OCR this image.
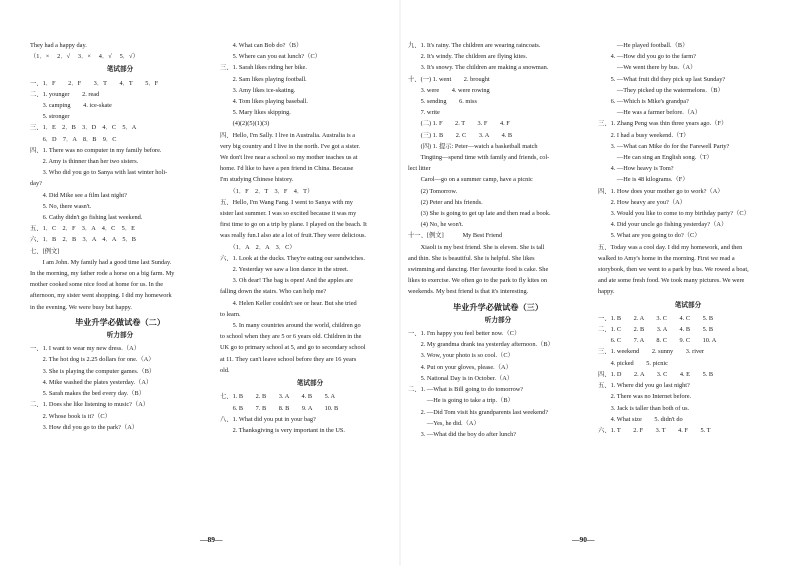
They had a happy day.
（1．×　 2．√　 3．×　 4．√　 5．√）
笔试部分
一、1．F　　2．F　　3．T　　4．T　　5．F
二、1. younger　　2. read
　　3. camping　　4. ice-skate
　　5. stronger
三、1．E　2．B　3．D　4．C　5．A
　　6．D　7．A　8．B　9．C
四、1. There was no computer in my family before.
　　2. Amy is thinner than her two sisters.
　　3. Who did you go to Sanya with last winter holi-
day?
　　4. Did Mike see a film last night?
　　5. No, there wasn't.
　　6. Cathy didn't go fishing last weekend.
五、1．C　2．F　3．A　4．C　5．E
六、1．B　2．B　3．A　4．A　5．B
七、[例文]
　　I am John. My family had a good time last Sunday.
In the morning, my father rode a horse on a big farm. My
mother cooked some nice food at home for us. In the
afternoon, my sister went shopping. I did my homework
in the evening. We were busy but happy.
毕业升学必做试卷（二）
听力部分
一、1. I want to wear my new dress.（A）
　　2. The hot dog is 2.25 dollars for one.（A）
　　3. She is playing the computer games.（B）
　　4. Mike washed the plates yesterday.（A）
　　5. Sarah makes the bed every day.（B）
二、1. Does she like listening to music?（A）
　　2. Whose book is it?（C）
　　3. How did you go to the park?（A）
　　4. What can Bob do?（B）
　　5. Where can you eat lunch?（C）
三、1. Sarah likes riding her bike.
　　2. Sam likes playing football.
　　3. Amy likes ice-skating.
　　4. Tom likes playing baseball.
　　5. Mary likes skipping.
　　(4)(2)(5)(1)(3)
四、Hello, I'm Sally. I live in Australia. Australia is a
very big country and I live in the north. I've got a sister.
We don't live near a school so my mother teaches us at
home. I'd like to have a pen friend in China. Because
I'm studying Chinese history.
　　（1．F　2．T　3．F　4．T）
五、Hello, I'm Wang Fang. I went to Sanya with my
sister last summer. I was so excited because it was my
first time to go on a trip by plane. I played on the beach. It
was really fun.I also ate a lot of fruit.They were delicious.
　　（1．A　2．A　3．C）
六、1. Look at the ducks. They're eating our sandwiches.
　　2. Yesterday we saw a lion dance in the street.
　　3. Oh dear! The bag is open! And the apples are
falling down the stairs. Who can help me?
　　4. Helen Keller couldn't see or hear. But she tried
to learn.
　　5. In many countries around the world, children go
to school when they are 5 or 6 years old. Children in the
UK go to primary school at 5, and go to secondary school
at 11. They can't leave school before they are 16 years
old.
笔试部分
七、1. B　　2. B　　3. A　　4. B　　5. A
　　6. B　　7. B　　8. B　　9. A　　10. B
八、1. What did you put in your bag?
　　2. Thanksgiving is very important in the US.
九、1. It's rainy. The children are wearing raincoats.
　　2. It's windy. The children are flying kites.
　　3. It's snowy. The children are making a snowman.
十、(一) 1. went　　2. brought
　　3. were　　4. were rowing
　　5. sending　　6. miss
　　7. write
　　(二) 1. F　　2. T　　3. F　　4. F
　　(三) 1. B　　2. C　　3. A　　4. B
　　(四) 1. 提示: Peter—watch a basketball match
　　Tingting—spend time with family and friends, col-
lect litter
　　Carol—go on a summer camp, have a picnic
　　(2) Tomorrow.
　　(2) Peter and his friends.
　　(3) She is going to get up late and then read a book.
　　(4) No, he won't.
十一、[例文]　　　My Best Friend
　　Xiaoli is my best friend. She is eleven. She is tall
and thin. She is beautiful. She is helpful. She likes
swimming and dancing. Her favourite food is cake. She
likes to exercise. We often go to the park to fly kites on
weekends. My best friend is that it's interesting.
毕业升学必做试卷（三）
听力部分
一、1. I'm happy you feel better now.（C）
　　2. My grandma drank tea yesterday afternoon.（B）
　　3. Wow, your photo is so cool.（C）
　　4. Put on your gloves, please.（A）
　　5. National Day is in October.（A）
二、1. —What is Bill going to do tomorrow?
　　　—He is going to take a trip.（B）
　　2. —Did Tom visit his grandparents last weekend?
　　　—Yes, he did.（A）
　　3. —What did the boy do after lunch?
　　　—He played football.（B）
　　4. —How did you go to the farm?
　　　—We went there by bus.（A）
　　5. —What fruit did they pick up last Sunday?
　　　—They picked up the watermelons.（B）
　　6. —Which is Mike's grandpa?
　　　—He was a farmer before.（A）
三、1. Zhang Peng was thin three years ago.（F）
　　2. I had a busy weekend.（T）
　　3. —What can Mike do for the Farewell Party?
　　　—He can sing an English song.（T）
　　4. —How heavy is Tom?
　　　—He is 48 kilograms.（F）
四、1. How does your mother go to work?（A）
　　2. How heavy are you?（A）
　　3. Would you like to come to my birthday party?（C）
　　4. Did your uncle go fishing yesterday?（A）
　　5. What are you going to do?（C）
五、Today was a cool day. I did my homework, and then
walked to Amy's home in the morning. First we read a
storybook, then we went to a park by bus. We rowed a boat,
and ate some fresh food. We took many pictures. We were
happy.
笔试部分
一、1. B　　2. A　　3. C　　4. C　　5. B
二、1. C　　2. B　　3. A　　4. B　　5. B
　　6. C　　7. A　　8. C　　9. C　　10. A
三、1. weekend　　2. sunny　　3. river
　　4. picked　　5. picnic
四、1. D　　2. A　　3. C　　4. E　　5. B
五、1. Where did you go last night?
　　2. There was no Internet before.
　　3. Jack is taller than both of us.
　　4. What size　　5. didn't do
六、1. T　　2. F　　3. T　　4. F　　5. T
—89—	—90—
